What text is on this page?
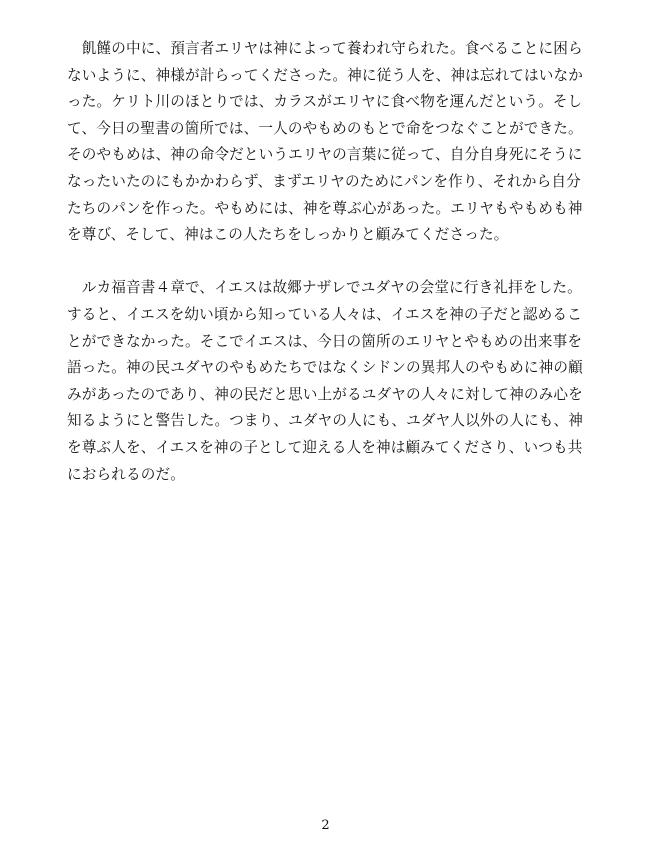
　飢饉の中に、預言者エリヤは神によって養われ守られた。食べることに困ら
ないように、神様が計らってくださった。神に従う人を、神は忘れてはいなか
った。ケリト川のほとりでは、カラスがエリヤに食べ物を運んだという。そし
て、今日の聖書の箇所では、一人のやもめのもとで命をつなぐことができた。
そのやもめは、神の命令だというエリヤの言葉に従って、自分自身死にそうに
なったいたのにもかかわらず、まずエリヤのためにパンを作り、それから自分
たちのパンを作った。やもめには、神を尊ぶ心があった。エリヤもやもめも神
を尊び、そして、神はこの人たちをしっかりと顧みてくださった。

　ルカ福音書４章で、イエスは故郷ナザレでユダヤの会堂に行き礼拝をした。
すると、イエスを幼い頃から知っている人々は、イエスを神の子だと認めるこ
とができなかった。そこでイエスは、今日の箇所のエリヤとやもめの出来事を
語った。神の民ユダヤのやもめたちではなくシドンの異邦人のやもめに神の顧
みがあったのであり、神の民だと思い上がるユダヤの人々に対して神のみ心を
知るようにと警告した。つまり、ユダヤの人にも、ユダヤ人以外の人にも、神
を尊ぶ人を、イエスを神の子として迎える人を神は顧みてくださり、いつも共
におられるのだ。

2
